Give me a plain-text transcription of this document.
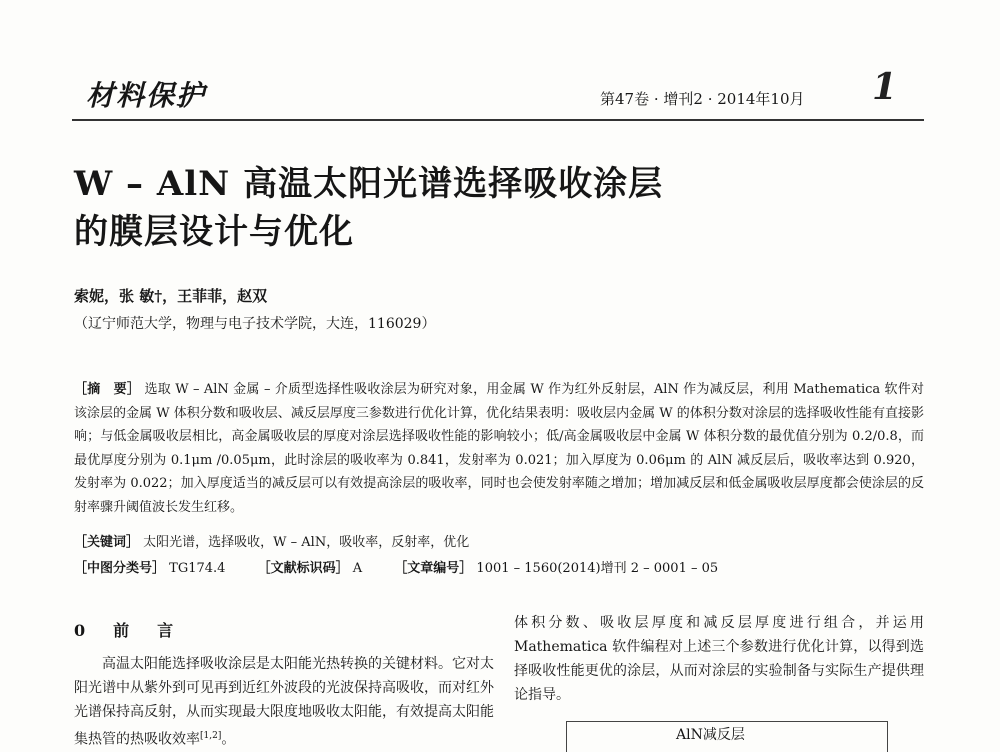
材料保护	第47卷 · 增刊2 · 2014年10月 1
W – AlN 高温太阳光谱选择吸收涂层
的膜层设计与优化
索妮，张 敏†，王菲菲，赵双
（辽宁师范大学，物理与电子技术学院，大连，116029）
［摘　要］ 选取 W – AlN 金属 – 介质型选择性吸收涂层为研究对象，用金属 W 作为红外反射层，AlN 作为减反层，利用 Mathematica 软件对该涂层的金属 W 体积分数和吸收层、减反层厚度三参数进行优化计算，优化结果表明：吸收层内金属 W 的体积分数对涂层的选择吸收性能有直接影响；与低金属吸收层相比，高金属吸收层的厚度对涂层选择吸收性能的影响较小；低/高金属吸收层中金属 W 体积分数的最优值分别为 0.2/0.8，而最优厚度分别为 0.1μm /0.05μm，此时涂层的吸收率为 0.841，发射率为 0.021；加入厚度为 0.06μm 的 AlN 减反层后，吸收率达到 0.920，发射率为 0.022；加入厚度适当的减反层可以有效提高涂层的吸收率，同时也会使发射率随之增加；增加减反层和低金属吸收层厚度都会使涂层的反射率骤升阈值波长发生红移。
［关键词］ 太阳光谱，选择吸收，W – AlN，吸收率，反射率，优化
［中图分类号］ TG174.4 ［文献标识码］ A ［文章编号］ 1001 – 1560(2014)增刊 2 – 0001 – 05
0　前　言

高温太阳能选择吸收涂层是太阳能光热转换的关键材料。它对太阳光谱中从紫外到可见再到近红外波段的光波保持高吸收，而对红外光谱保持高反射，从而实现最大限度地吸收太阳能，有效提高太阳能集热管的热吸收效率[1,2]。

体积分数、吸收层厚度和减反层厚度进行组合，并运用 Mathematica 软件编程对上述三个参数进行优化计算，以得到选择吸收性能更优的涂层，从而对涂层的实验制备与实际生产提供理论指导。

AlN减反层
